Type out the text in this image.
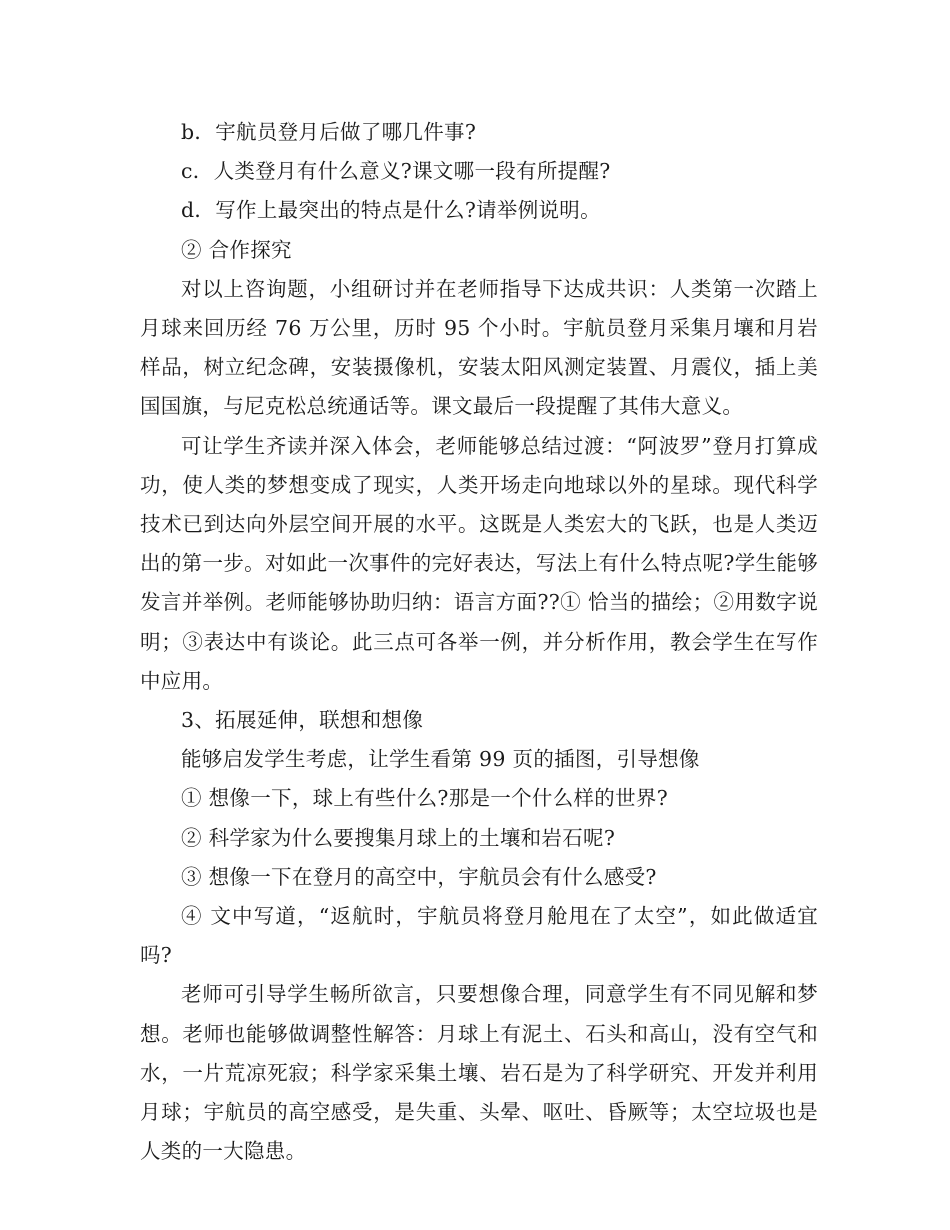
b．宇航员登月后做了哪几件事?

c．人类登月有什么意义?课文哪一段有所提醒?

d．写作上最突出的特点是什么?请举例说明。

② 合作探究

对以上咨询题，小组研讨并在老师指导下达成共识：人类第一次踏上月球来回历经 76 万公里，历时 95 个小时。宇航员登月采集月壤和月岩样品，树立纪念碑，安装摄像机，安装太阳风测定装置、月震仪，插上美国国旗，与尼克松总统通话等。课文最后一段提醒了其伟大意义。

可让学生齐读并深入体会，老师能够总结过渡：“阿波罗”登月打算成功，使人类的梦想变成了现实，人类开场走向地球以外的星球。现代科学技术已到达向外层空间开展的水平。这既是人类宏大的飞跃，也是人类迈出的第一步。对如此一次事件的完好表达，写法上有什么特点呢?学生能够发言并举例。老师能够协助归纳：语言方面??① 恰当的描绘；②用数字说明；③表达中有谈论。此三点可各举一例，并分析作用，教会学生在写作中应用。

3、拓展延伸，联想和想像

能够启发学生考虑，让学生看第 99 页的插图，引导想像

① 想像一下，球上有些什么?那是一个什么样的世界?

② 科学家为什么要搜集月球上的土壤和岩石呢?

③ 想像一下在登月的高空中，宇航员会有什么感受?

④ 文中写道，“返航时，宇航员将登月舱甩在了太空”，如此做适宜吗?

老师可引导学生畅所欲言，只要想像合理，同意学生有不同见解和梦想。老师也能够做调整性解答：月球上有泥土、石头和高山，没有空气和水，一片荒凉死寂；科学家采集土壤、岩石是为了科学研究、开发并利用月球；宇航员的高空感受，是失重、头晕、呕吐、昏厥等；太空垃圾也是人类的一大隐患。
